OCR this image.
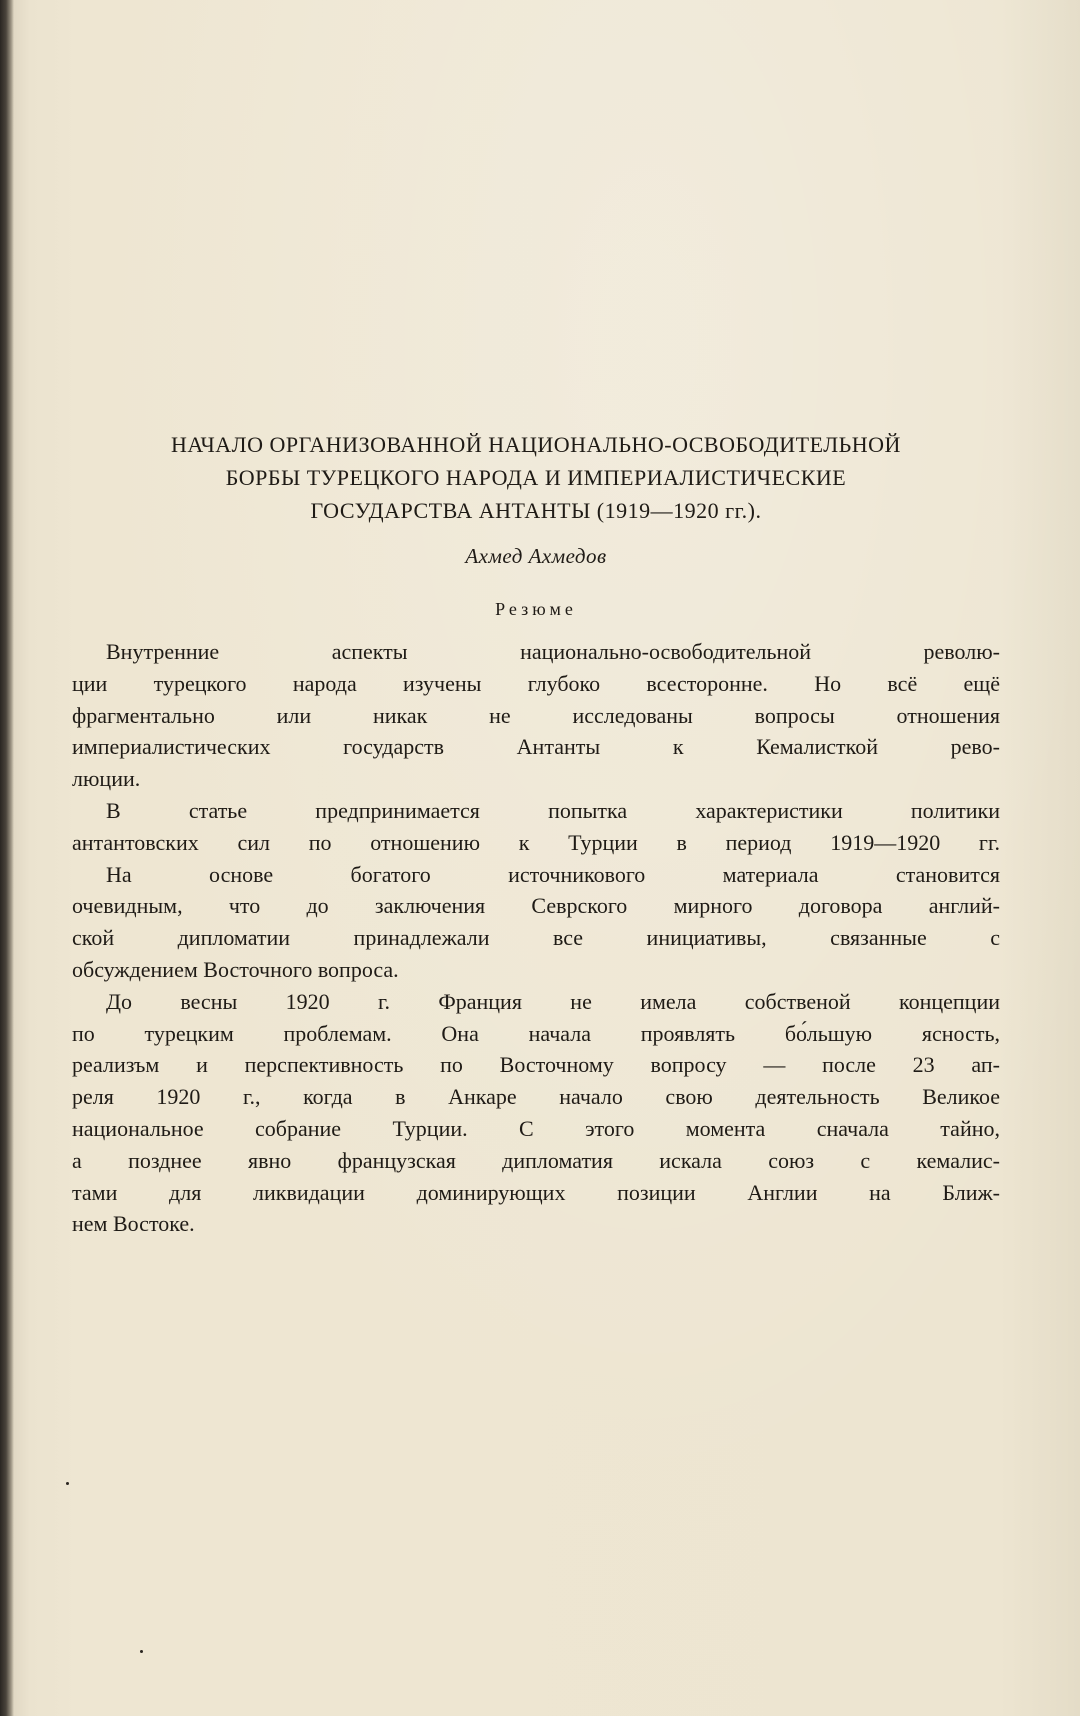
НАЧАЛО ОРГАНИЗОВАННОЙ НАЦИОНАЛЬНО-ОСВОБОДИТЕЛЬНОЙ
БОРБЫ ТУРЕЦКОГО НАРОДА И ИМПЕРИАЛИСТИЧЕСКИЕ
ГОСУДАРСТВА АНТАНТЫ (1919—1920 гг.).
Ахмед Ахмедов
Резюме

Внутренние аспекты национально-освободительной револю-
ции турецкого народа изучены глубоко всесторонне. Но всё ещё
фрагментально или никак не исследованы вопросы отношения
империалистических государств Антанты к Кемалисткой рево-
люции.

В статье предпринимается попытка характеристики политики
антантовских сил по отношению к Турции в период 1919—1920 гг.

На основе богатого источникового материала становится
очевидным, что до заключения Севрского мирного договора англий-
ской дипломатии принадлежали все инициативы, связанные с
обсуждением Восточного вопроса.

До весны 1920 г. Франция не имела собственой концепции
по турецким проблемам. Она начала проявлять бо́льшую ясность,
реализъм и перспективность по Восточному вопросу — после 23 ап-
реля 1920 г., когда в Анкаре начало свою деятельность Великое
национальное собрание Турции. С этого момента сначала тайно,
а позднее явно французская дипломатия искала союз с кемалис-
тами для ликвидации доминирующих позиции Англии на Ближ-
нем Востоке.
